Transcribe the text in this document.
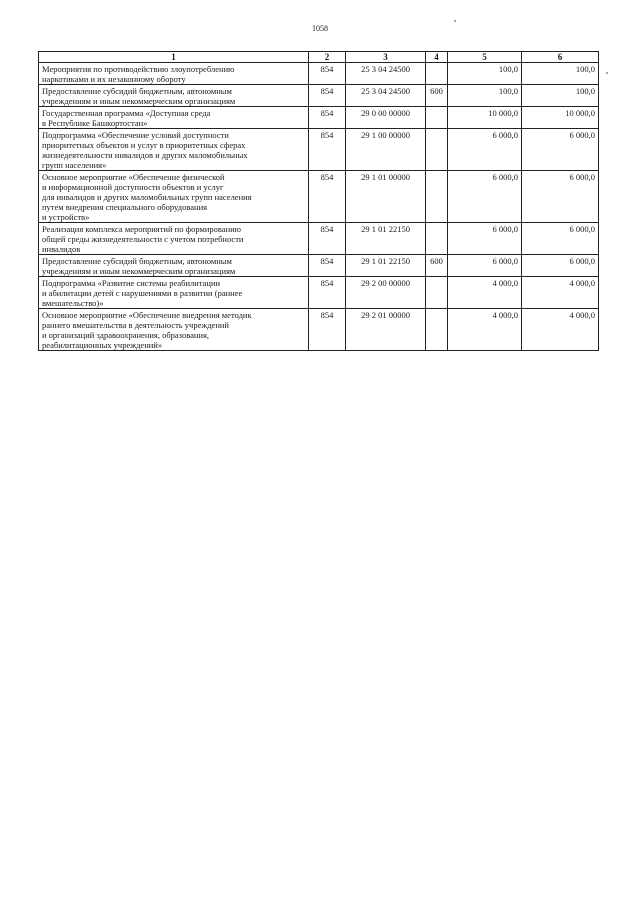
1058
1	2	3	4	5	6
Мероприятия по противодействию злоупотреблению
наркотиками и их незаконному обороту	854	25 3 04 24500		100,0	100,0
Предоставление субсидий бюджетным, автономным
учреждениям и иным некоммерческим организациям	854	25 3 04 24500	600	100,0	100,0
Государственная программа «Доступная среда
в Республике Башкортостан»	854	29 0 00 00000		10 000,0	10 000,0
Подпрограмма «Обеспечение условий доступности
приоритетных объектов и услуг в приоритетных сферах
жизнедеятельности инвалидов и других маломобильных
групп населения»	854	29 1 00 00000		6 000,0	6 000,0
Основное мероприятие «Обеспечение физической
и информационной доступности объектов и услуг
для инвалидов и других маломобильных групп населения
путем внедрения специального оборудования
и устройств»	854	29 1 01 00000		6 000,0	6 000,0
Реализация комплекса мероприятий по формированию
общей среды жизнедеятельности с учетом потребности
инвалидов	854	29 1 01 22150		6 000,0	6 000,0
Предоставление субсидий бюджетным, автономным
учреждениям и иным некоммерческим организациям	854	29 1 01 22150	600	6 000,0	6 000,0
Подпрограмма «Развитие системы реабилитации
и абилитации детей с нарушениями в развитии (раннее
вмешательство)»	854	29 2 00 00000		4 000,0	4 000,0
Основное мероприятие «Обеспечение внедрения методик
раннего вмешательства в деятельность учреждений
и организаций здравоохранения, образования,
реабилитационных учреждений»	854	29 2 01 00000		4 000,0	4 000,0
